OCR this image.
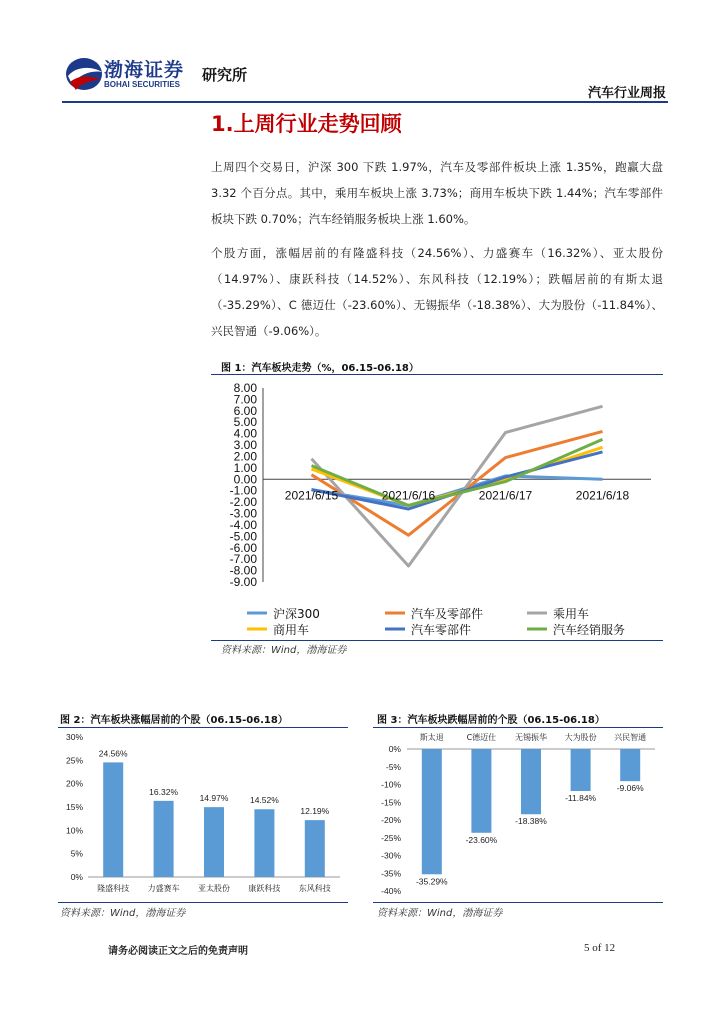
渤海证券
BOHAI SECURITIES
研究所
汽车行业周报
1.上周行业走势回顾

上周四个交易日，沪深 300 下跌 1.97%，汽车及零部件板块上涨 1.35%，跑赢大盘 3.32 个百分点。其中，乘用车板块上涨 3.73%；商用车板块下跌 1.44%；汽车零部件板块下跌 0.70%；汽车经销服务板块上涨 1.60%。

个股方面，涨幅居前的有隆盛科技（24.56%）、力盛赛车（16.32%）、亚太股份（14.97%）、康跃科技（14.52%）、东风科技（12.19%）；跌幅居前的有斯太退（-35.29%）、C 德迈仕（-23.60%）、无锡振华（-18.38%）、大为股份（-11.84%）、兴民智通（-9.06%）。

图 1：汽车板块走势（%，06.15-06.18）
8.00
7.00
6.00
5.00
4.00
3.00
2.00
1.00
0.00
-1.00
-2.00
-3.00
-4.00
-5.00
-6.00
-7.00
-8.00
-9.00
2021/6/15	2021/6/16	2021/6/17	2021/6/18
沪深300	汽车及零部件	乘用车
商用车	汽车零部件	汽车经销服务
资料来源：Wind，渤海证券
图 2：汽车板块涨幅居前的个股（06.15-06.18）
30%
25%
20%
15%
10%
5%
0%
24.56%
隆盛科技
16.32%
力盛赛车
14.97%
亚太股份
14.52%
康跃科技
12.19%
东风科技
资料来源：Wind，渤海证券
图 3：汽车板块跌幅居前的个股（06.15-06.18）
0%
-5%
-10%
-15%
-20%
-25%
-30%
-35%
-40%
-35.29%
斯太退
-23.60%
C德迈仕
-18.38%
无锡振华
-11.84%
大为股份
-9.06%
兴民智通
资料来源：Wind，渤海证券
请务必阅读正文之后的免责声明	5 of 12
